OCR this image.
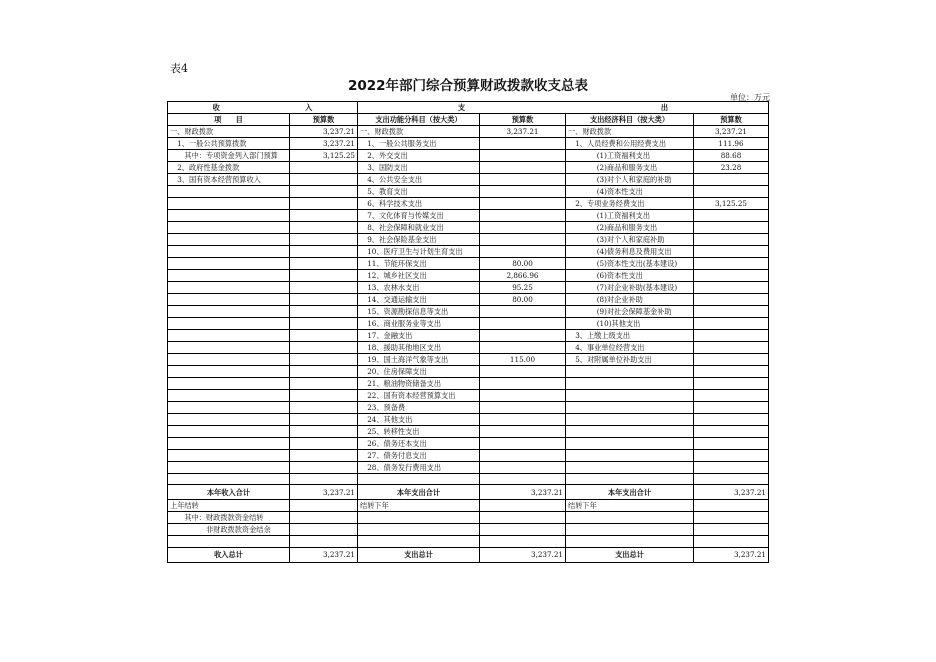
表4
2022年部门综合预算财政拨款收支总表
单位：万元
收 入		支 出			

项　　目	预算数	支出功能分科目（按大类）	预算数	支出经济科目（按大类）	预算数
一、财政拨款	3,237.21	一、财政拨款	3,237.21	一、财政拨款	3,237.21
　1、一般公共预算拨款	3,237.21	　1、一般公共服务支出		　1、人员经费和公用经费支出	111.96
　　其中：专项资金列入部门预算	3,125.25	　2、外交支出		　　　　(1)工资福利支出	88.68
　2、政府性基金拨款		　3、国防支出		　　　　(2)商品和服务支出	23.28
　3、国有资本经营预算收入		　4、公共安全支出		　　　　(3)对个人和家庭的补助	
		　5、教育支出		　　　　(4)资本性支出	
		　6、科学技术支出		　2、专项业务经费支出	3,125.25
		　7、文化体育与传媒支出		　　　　(1)工资福利支出	
		　8、社会保障和就业支出		　　　　(2)商品和服务支出	
		　9、社会保险基金支出		　　　　(3)对个人和家庭补助	
		　10、医疗卫生与计划生育支出		　　　　(4)债务利息及费用支出	
		　11、节能环保支出	80.00	　　　　(5)资本性支出(基本建设)	
		　12、城乡社区支出	2,866.96	　　　　(6)资本性支出	
		　13、农林水支出	95.25	　　　　(7)对企业补助(基本建设)	
		　14、交通运输支出	80.00	　　　　(8)对企业补助	
		　15、资源勘探信息等支出		　　　　(9)对社会保障基金补助	
		　16、商业服务业等支出		　　　　(10)其他支出	
		　17、金融支出		　3、上缴上级支出	
		　18、援助其他地区支出		　4、事业单位经营支出	
		　19、国土海洋气象等支出	115.00	　5、对附属单位补助支出	
		　20、住房保障支出			
		　21、粮油物资储备支出			
		　22、国有资本经营预算支出			
		　23、预备费			
		　24、其他支出			
		　25、转移性支出			
		　26、债务还本支出			
		　27、债务付息支出			
		　28、债务发行费用支出			

本年收入合计	3,237.21	本年支出合计	3,237.21	本年支出合计	3,237.21
上年结转		结转下年		结转下年	
　　其中：财政拨款资金结转					
　　　　　非财政拨款资金结余					

收入总计	3,237.21	支出总计	3,237.21	支出总计	3,237.21
